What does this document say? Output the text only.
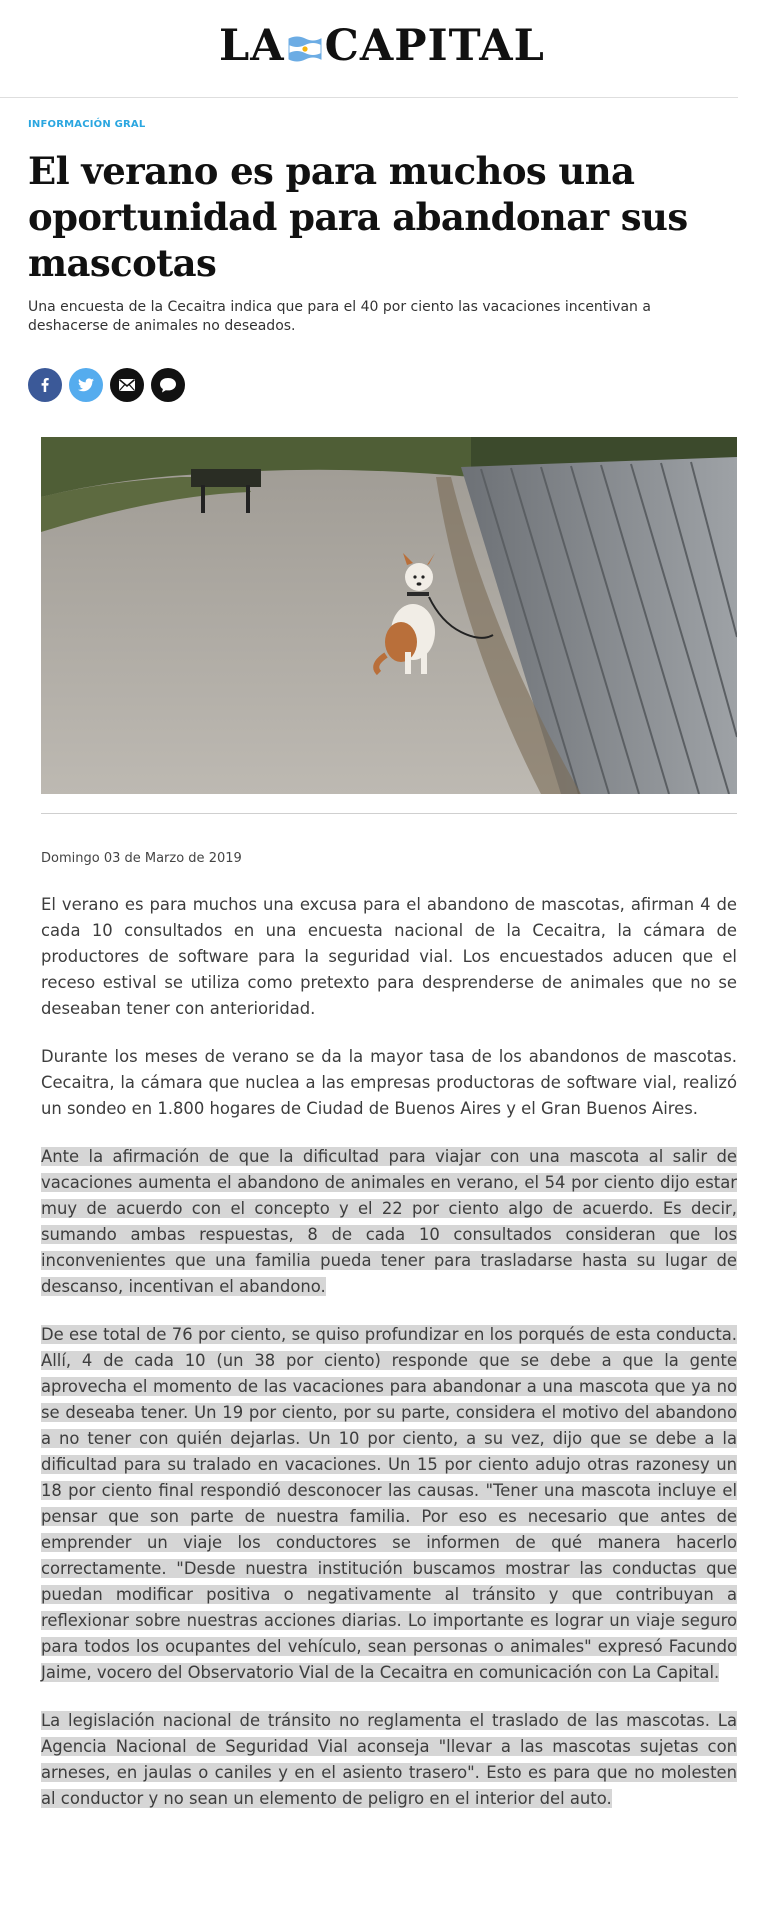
LA CAPITAL
INFORMACIÓN GRAL
El verano es para muchos una oportunidad para abandonar sus mascotas

Una encuesta de la Cecaitra indica que para el 40 por ciento las vacaciones incentivan a deshacerse de animales no deseados.

Domingo 03 de Marzo de 2019

El verano es para muchos una excusa para el abandono de mascotas, afirman 4 de cada 10 consultados en una encuesta nacional de la Cecaitra, la cámara de productores de software para la seguridad vial. Los encuestados aducen que el receso estival se utiliza como pretexto para desprenderse de animales que no se deseaban tener con anterioridad.

Durante los meses de verano se da la mayor tasa de los abandonos de mascotas. Cecaitra, la cámara que nuclea a las empresas productoras de software vial, realizó un sondeo en 1.800 hogares de Ciudad de Buenos Aires y el Gran Buenos Aires.

Ante la afirmación de que la dificultad para viajar con una mascota al salir de vacaciones aumenta el abandono de animales en verano, el 54 por ciento dijo estar muy de acuerdo con el concepto y el 22 por ciento algo de acuerdo. Es decir, sumando ambas respuestas, 8 de cada 10 consultados consideran que los inconvenientes que una familia pueda tener para trasladarse hasta su lugar de descanso, incentivan el abandono.

De ese total de 76 por ciento, se quiso profundizar en los porqués de esta conducta. Allí, 4 de cada 10 (un 38 por ciento) responde que se debe a que la gente aprovecha el momento de las vacaciones para abandonar a una mascota que ya no se deseaba tener. Un 19 por ciento, por su parte, considera el motivo del abandono a no tener con quién dejarlas. Un 10 por ciento, a su vez, dijo que se debe a la dificultad para su tralado en vacaciones. Un 15 por ciento adujo otras razonesy un 18 por ciento final respondió desconocer las causas. "Tener una mascota incluye el pensar que son parte de nuestra familia. Por eso es necesario que antes de emprender un viaje los conductores se informen de qué manera hacerlo correctamente. "Desde nuestra institución buscamos mostrar las conductas que puedan modificar positiva o negativamente al tránsito y que contribuyan a reflexionar sobre nuestras acciones diarias. Lo importante es lograr un viaje seguro para todos los ocupantes del vehículo, sean personas o animales" expresó Facundo Jaime, vocero del Observatorio Vial de la Cecaitra en comunicación con La Capital.

La legislación nacional de tránsito no reglamenta el traslado de las mascotas. La Agencia Nacional de Seguridad Vial aconseja "llevar a las mascotas sujetas con arneses, en jaulas o caniles y en el asiento trasero". Esto es para que no molesten al conductor y no sean un elemento de peligro en el interior del auto.
